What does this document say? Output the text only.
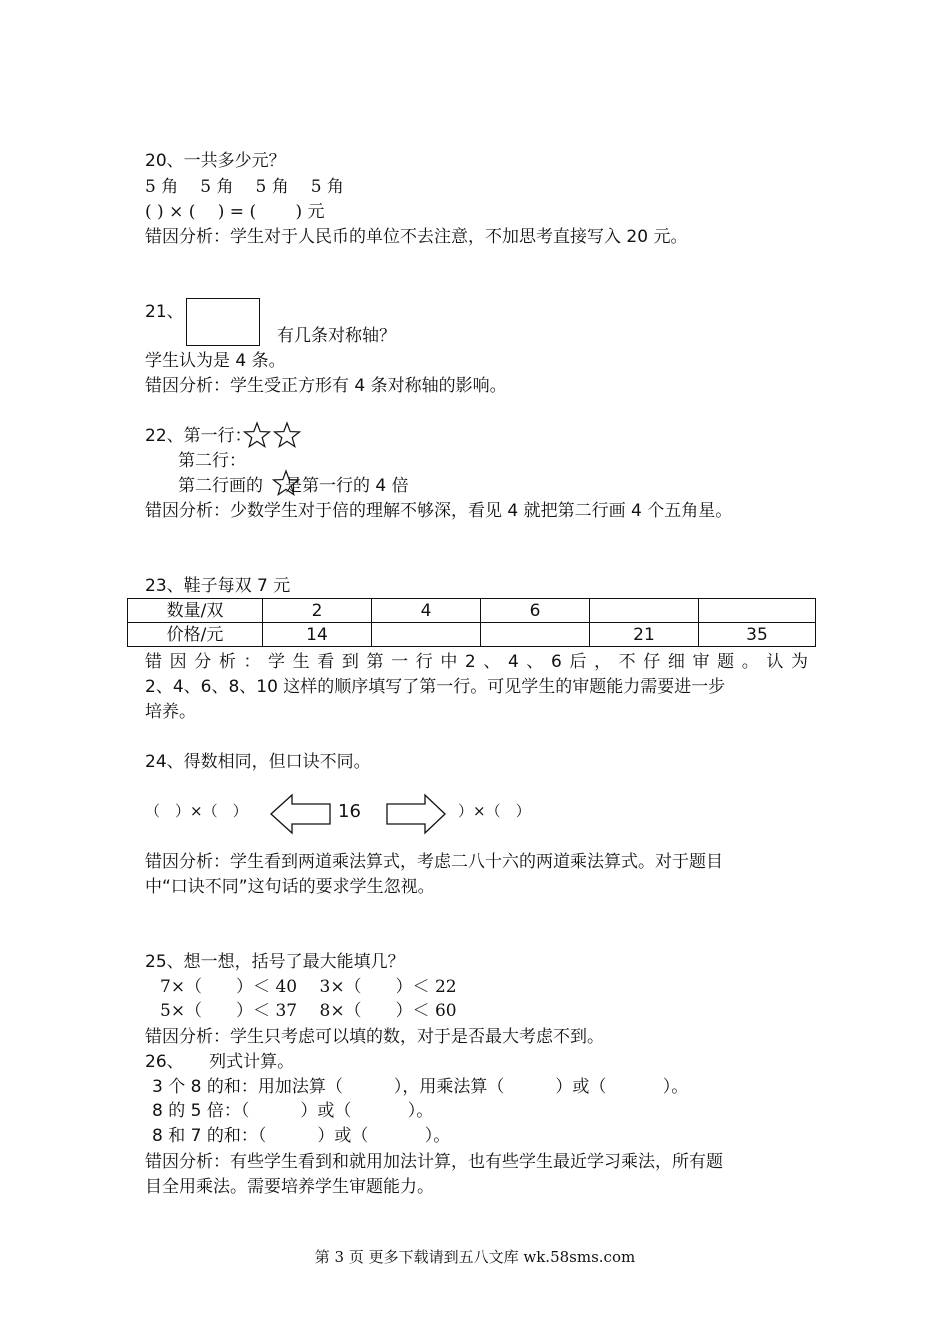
20、一共多少元？
5 角 5 角 5 角 5 角
( ) × (　 ) = (　　 ) 元
错因分析：学生对于人民币的单位不去注意，不加思考直接写入 20 元。
21、
有几条对称轴？
学生认为是 4 条。
错因分析：学生受正方形有 4 条对称轴的影响。
22、第一行：
第二行：
第二行画的 是第一行的 4 倍
错因分析：少数学生对于倍的理解不够深，看见 4 就把第二行画 4 个五角星。
23、鞋子每双 7 元
数量/双	2	4	6		
价格/元	14			21	35
错 因 分 析 ： 学 生 看 到 第 一 行 中 2 、 4 、 6 后 ， 不 仔 细 审 题 。 认 为
2、4、6、8、10 这样的顺序填写了第一行。可见学生的审题能力需要进一步
培养。
24、得数相同，但口诀不同。
（　）×（　）	16	）×（　）
错因分析：学生看到两道乘法算式，考虑二八十六的两道乘法算式。对于题目
中“口诀不同”这句话的要求学生忽视。
25、想一想，括号了最大能填几？
7×（　　）＜ 40　 3×（　　）＜ 22
5×（　　）＜ 37　 8×（　　）＜ 60
错因分析：学生只考虑可以填的数，对于是否最大考虑不到。
26、　　列式计算。
3 个 8 的和：用加法算（　　　），用乘法算（　　　）或（　　　 ）。
8 的 5 倍：（　　　）或（　　　 ）。
8 和 7 的和：（　　　）或（　　　 ）。
错因分析：有些学生看到和就用加法计算，也有些学生最近学习乘法，所有题
目全用乘法。需要培养学生审题能力。
第 3 页 更多下载请到五八文库 wk.58sms.com
